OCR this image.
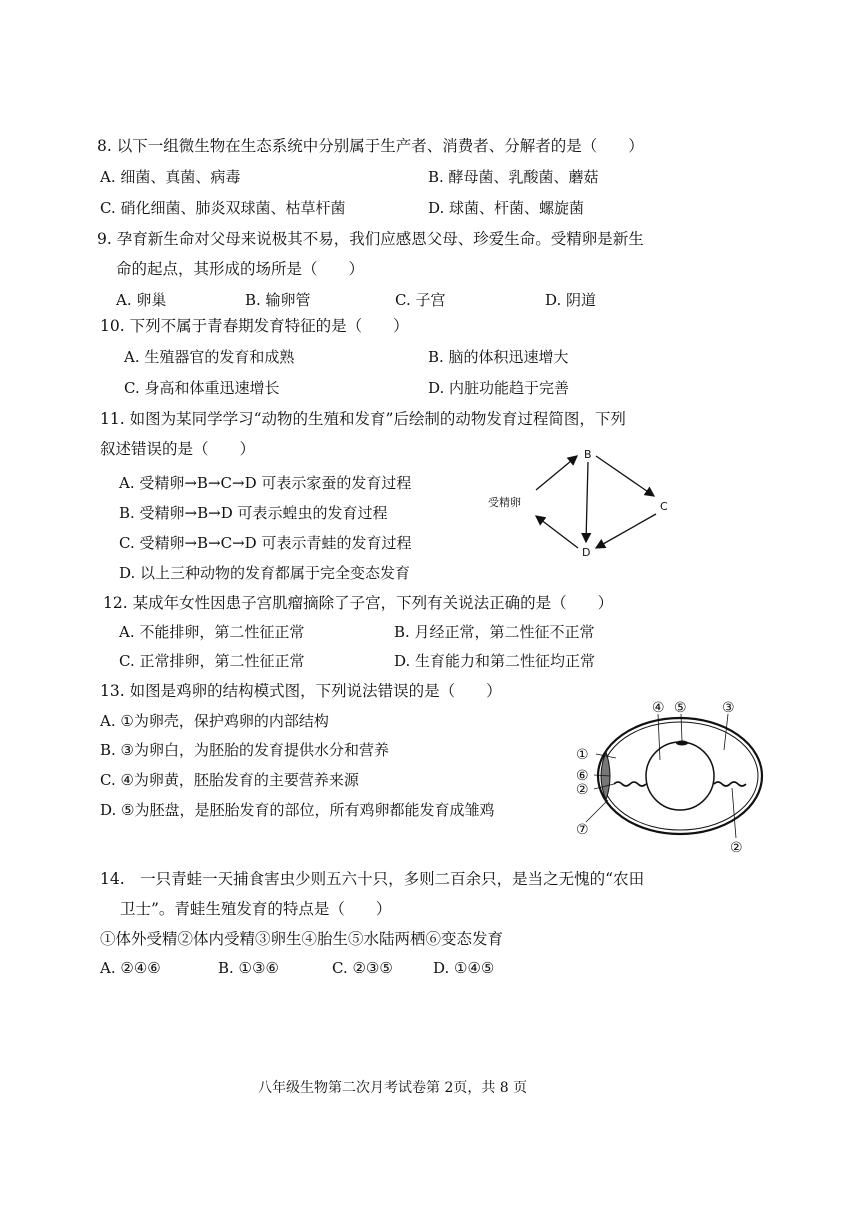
8. 以下一组微生物在生态系统中分别属于生产者、消费者、分解者的是（　　）
A. 细菌、真菌、病毒	B. 酵母菌、乳酸菌、蘑菇
C. 硝化细菌、肺炎双球菌、枯草杆菌	D. 球菌、杆菌、螺旋菌
9. 孕育新生命对父母来说极其不易，我们应感恩父母、珍爱生命。受精卵是新生
命的起点，其形成的场所是（　　）
A. 卵巢	B. 输卵管	C. 子宫	D. 阴道
10. 下列不属于青春期发育特征的是（　　）
A. 生殖器官的发育和成熟	B. 脑的体积迅速增大
C. 身高和体重迅速增长	D. 内脏功能趋于完善
11. 如图为某同学学习“动物的生殖和发育”后绘制的动物发育过程简图，下列
叙述错误的是（　　）
A. 受精卵→B→C→D 可表示家蚕的发育过程
B. 受精卵→B→D 可表示蝗虫的发育过程
C. 受精卵→B→C→D 可表示青蛙的发育过程
D. 以上三种动物的发育都属于完全变态发育
受精卵
B
C
D
12. 某成年女性因患子宫肌瘤摘除了子宫，下列有关说法正确的是（　　）
A. 不能排卵，第二性征正常	B. 月经正常，第二性征不正常
C. 正常排卵，第二性征正常	D. 生育能力和第二性征均正常
13. 如图是鸡卵的结构模式图，下列说法错误的是（　　）
A. ①为卵壳，保护鸡卵的内部结构
B. ③为卵白，为胚胎的发育提供水分和营养
C. ④为卵黄，胚胎发育的主要营养来源
D. ⑤为胚盘，是胚胎发育的部位，所有鸡卵都能发育成雏鸡
④ ⑤	③
①
⑥
②
⑦
②
14.　一只青蛙一天捕食害虫少则五六十只，多则二百余只，是当之无愧的“农田
卫士”。青蛙生殖发育的特点是（　　）
①体外受精②体内受精③卵生④胎生⑤水陆两栖⑥变态发育
A. ②④⑥	B. ①③⑥	C. ②③⑤	D. ①④⑤
八年级生物第二次月考试卷第 2页，共 8 页
